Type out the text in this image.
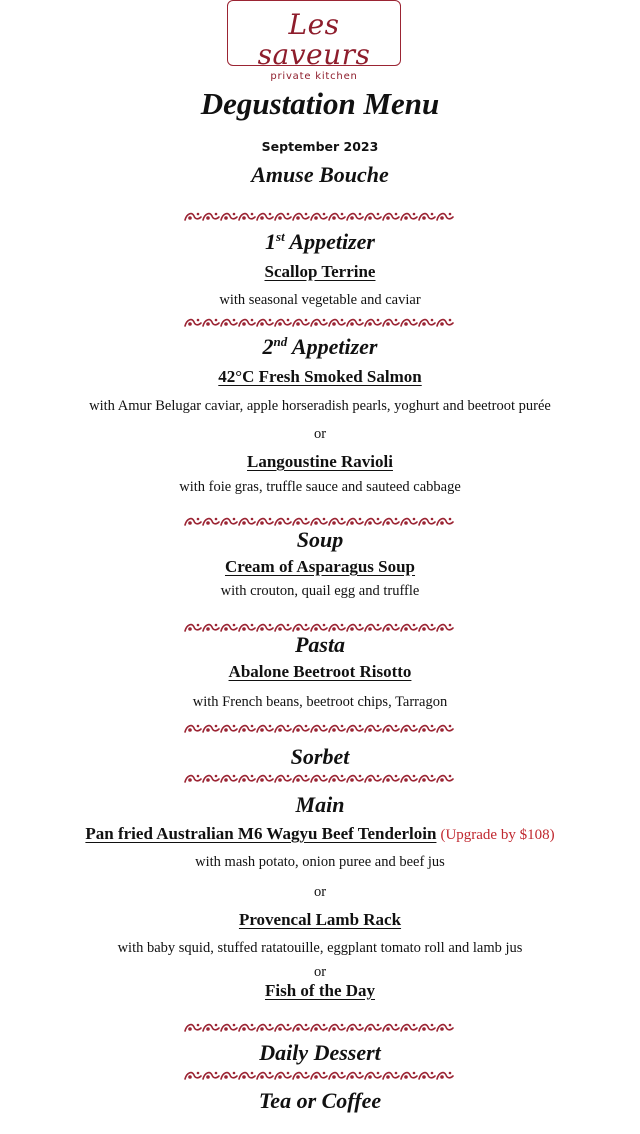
Les saveurs
private kitchen
Degustation Menu
September 2023
Amuse Bouche
1st Appetizer
Scallop Terrine
with seasonal vegetable and caviar
2nd Appetizer
42°C Fresh Smoked Salmon
with Amur Belugar caviar, apple horseradish pearls, yoghurt and beetroot purée
or
Langoustine Ravioli
with foie gras, truffle sauce and sauteed cabbage
Soup
Cream of Asparagus Soup
with crouton, quail egg and truffle
Pasta
Abalone Beetroot Risotto
with French beans, beetroot chips, Tarragon
Sorbet
Main
Pan fried Australian M6 Wagyu Beef Tenderloin (Upgrade by $108)
with mash potato, onion puree and beef jus
or
Provencal Lamb Rack
with baby squid, stuffed ratatouille, eggplant tomato roll and lamb jus
or
Fish of the Day
Daily Dessert
Tea or Coffee
